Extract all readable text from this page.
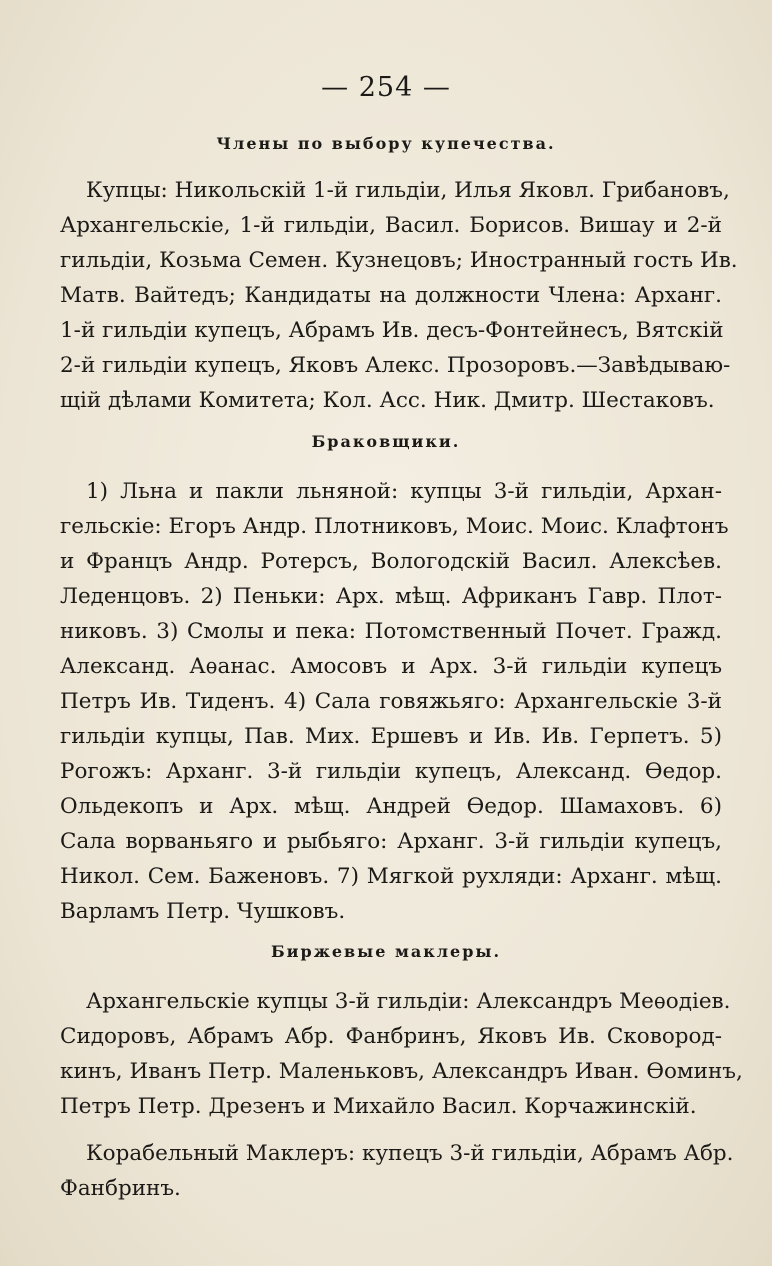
— 254 —
Члены по выбору купечества.
Купцы: Никольскій 1-й гильдіи, Илья Яковл. Грибановъ,
Архангельскіе, 1-й гильдіи, Васил. Борисов. Вишау и 2-й
гильдіи, Козьма Семен. Кузнецовъ; Иностранный гость Ив.
Матв. Вайтедъ; Кандидаты на должности Члена: Арханг.
1-й гильдіи купецъ, Абрамъ Ив. десъ-Фонтейнесъ, Вятскій
2-й гильдіи купецъ, Яковъ Алекс. Прозоровъ.—Завѣдываю-
щій дѣлами Комитета; Кол. Асс. Ник. Дмитр. Шестаковъ.
Браковщики.
1) Льна и пакли льняной: купцы 3-й гильдіи, Архан-
гельскіе: Егоръ Андр. Плотниковъ, Моис. Моис. Клафтонъ
и Францъ Андр. Ротерсъ, Вологодскій Васил. Алексѣев.
Леденцовъ. 2) Пеньки: Арх. мѣщ. Африканъ Гавр. Плот-
никовъ. 3) Смолы и пека: Потомственный Почет. Гражд.
Александ. Аѳанас. Амосовъ и Арх. 3-й гильдіи купецъ
Петръ Ив. Тиденъ. 4) Сала говяжьяго: Архангельскіе 3-й
гильдіи купцы, Пав. Мих. Ершевъ и Ив. Ив. Герпетъ. 5)
Рогожъ: Арханг. 3-й гильдіи купецъ, Александ. Ѳедор.
Ольдекопъ и Арх. мѣщ. Андрей Ѳедор. Шамаховъ. 6)
Сала ворваньяго и рыбьяго: Арханг. 3-й гильдіи купецъ,
Никол. Сем. Баженовъ. 7) Мягкой рухляди: Арханг. мѣщ.
Варламъ Петр. Чушковъ.
Биржевые маклеры.
Архангельскіе купцы 3-й гильдіи: Александръ Меѳодіев.
Сидоровъ, Абрамъ Абр. Фанбринъ, Яковъ Ив. Сковород-
кинъ, Иванъ Петр. Маленьковъ, Александръ Иван. Ѳоминъ,
Петръ Петр. Дрезенъ и Михайло Васил. Корчажинскій.
Корабельный Маклеръ: купецъ 3-й гильдіи, Абрамъ Абр.
Фанбринъ.
